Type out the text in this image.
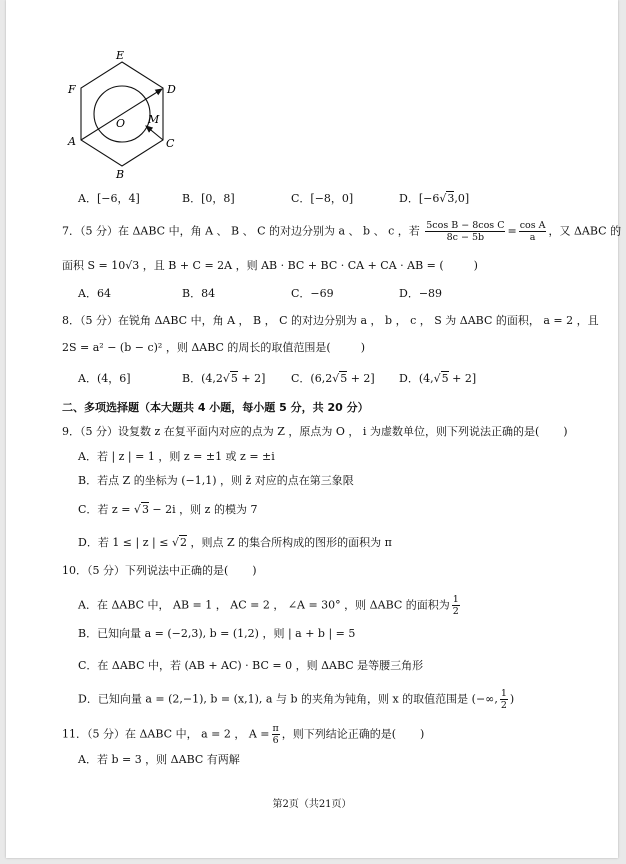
E
D
F
A
B
C
O M
A．[−6，4]	B．[0，8]	C．[−8，0]	D．[−6√3,0]
7．（5 分）在 ΔABC 中，角 A 、 B 、 C 的对边分别为 a 、 b 、 c ，若 $\frac{\text{5cos B − 8cos C}}{8c - 5b} = \frac{\text{cos A}}{a}$ ，又 ΔABC 的
面积 S = 10√3 ，且 B + C = 2A ，则 AB · BC + BC · CA + CA · AB = (	)
A．64	B．84	C．−69	D．−89
8．（5 分）在锐角 ΔABC 中，角 A ， B ， C 的对边分别为 a ， b ， c ， S 为 ΔABC 的面积， a = 2 ，且
2S = a² − (b − c)² ，则 ΔABC 的周长的取值范围是(	)
A．(4，6]	B．(4,2√5 + 2] C．(6,2√5 + 2] D．(4,√5 + 2]
二、多项选择题（本大题共 4 小题，每小题 5 分，共 20 分）
9．（5 分）设复数 z 在复平面内对应的点为 Z ，原点为 O ， i 为虚数单位，则下列说法正确的是( )
A．若 | z | = 1 ，则 z = ±1 或 z = ±i
B．若点 Z 的坐标为 (−1,1) ，则 z̄ 对应的点在第三象限
C．若 z = √3 − 2i ，则 z 的模为 7
D．若 1 ≤ | z | ≤ √2 ，则点 Z 的集合所构成的图形的面积为 π
10．（5 分）下列说法中正确的是( )
A．在 ΔABC 中， AB = 1 ， AC = 2 ， ∠A = 30° ，则 ΔABC 的面积为 $\frac{1}{2}$
B．已知向量 a = (−2,3), b = (1,2) ，则 | a + b | = 5
C．在 ΔABC 中，若 (AB + AC) · BC = 0 ，则 ΔABC 是等腰三角形
D．已知向量 a = (2,−1), b = (x,1), a 与 b 的夹角为钝角，则 x 的取值范围是 (−∞, $\frac{1}{2}$ )
11．（5 分）在 ΔABC 中， a = 2 ， $A = \frac{\pi}{6}$ ，则下列结论正确的是( )
A．若 b = 3 ，则 ΔABC 有两解
第2页（共21页）
